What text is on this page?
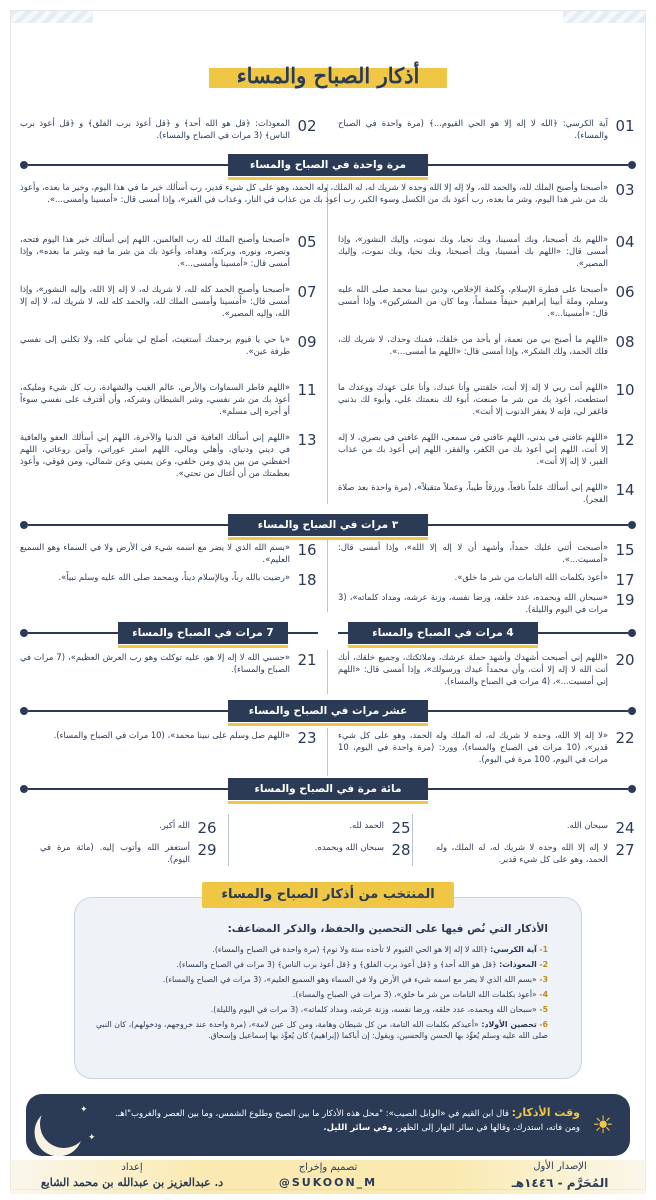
أذكار الصباح والمساء
01
آية الكرسي: ﴿الله لا إله إلا هو الحي القيوم...﴾ (مرة واحدة في الصباح والمساء).
02
المعوذات: ﴿قل هو الله أحد﴾ و ﴿قل أعوذ برب الفلق﴾ و ﴿قل أعوذ برب الناس﴾ (3 مرات في الصباح والمساء).
مرة واحدة في الصباح والمساء
03
«أصبحنا وأصبح الملك لله، والحمد لله، ولا إله إلا الله وحده لا شريك له، له الملك، وله الحمد، وهو على كل شيء قدير، رب أسألك خير ما في هذا اليوم، وخير ما بعده، وأعوذ بك من شر هذا اليوم، وشر ما بعده، رب أعوذ بك من الكسل وسوء الكبر، رب أعوذ بك من عذاب في النار، وعذاب في القبر»، وإذا أمسى قال: «أمسينا وأمسى...».
04
«اللهم بك أصبحنا، وبك أمسينا، وبك نحيا، وبك نموت، وإليك النشور»، وإذا أمسى قال: «اللهم بك أمسينا، وبك أصبحنا، وبك نحيا، وبك نموت، وإليك المصير».
05
«أصبحنا وأصبح الملك لله رب العالمين، اللهم إني أسألك خير هذا اليوم فتحه، ونصره، ونوره، وبركته، وهداه، وأعوذ بك من شر ما فيه وشر ما بعده»، وإذا أمسى قال: «أمسينا وأمسى...».
06
«أصبحنا على فطرة الإسلام، وكلمة الإخلاص، ودين نبينا محمد صلى الله عليه وسلم، وملة أبينا إبراهيم حنيفاً مسلماً، وما كان من المشركين»، وإذا أمسى قال: «أمسينا...».
07
«أصبحنا وأصبح الحمد كله لله، لا شريك له، لا إله إلا الله، وإليه النشور»، وإذا أمسى قال: «أمسينا وأمسى الملك لله، والحمد كله لله، لا شريك له، لا إله إلا الله، وإليه المصير».
08
«اللهم ما أصبح بي من نعمة، أو بأحد من خلقك، فمنك وحدك، لا شريك لك، فلك الحمد، ولك الشكر»، وإذا أمسى قال: «اللهم ما أمسى...».
09
«يا حي يا قيوم برحمتك أستغيث، أصلح لي شأني كله، ولا تكلني إلى نفسي طرفة عين».
10
«اللهم أنت ربي لا إله إلا أنت، خلقتني وأنا عبدك، وأنا على عهدك ووعدك ما استطعت، أعوذ بك من شر ما صنعت، أبوء لك بنعمتك علي، وأبوء لك بذنبي فاغفر لي، فإنه لا يغفر الذنوب إلا أنت».
11
«اللهم فاطر السماوات والأرض، عالم الغيب والشهادة، رب كل شيء ومليكه، أعوذ بك من شر نفسي، وشر الشيطان وشركه، وأن أقترف على نفسي سوءاً أو أجره إلى مسلم».
12
«اللهم عافني في بدني، اللهم عافني في سمعي، اللهم عافني في بصري، لا إله إلا أنت، اللهم إني أعوذ بك من الكفر، والفقر، اللهم إني أعوذ بك من عذاب القبر، لا إله إلا أنت».
13
«اللهم إني أسألك العافية في الدنيا والآخرة، اللهم إني أسألك العفو والعافية في ديني ودنياي، وأهلي ومالي، اللهم استر عوراتي، وآمن روعاتي، اللهم احفظني من بين يدي ومن خلفي، وعن يميني وعن شمالي، ومن فوقي، وأعوذ بعظمتك من أن أغتال من تحتي».
14
«اللهم إني أسألك علماً نافعاً، ورزقاً طيباً، وعملاً متقبلاً»، (مرة واحدة بعد صلاة الفجر).
٣ مرات في الصباح والمساء
15
«أصبحت أثني عليك حمداً، وأشهد أن لا إله إلا الله»، وإذا أمسى قال: «أمسيت...».
16
«بسم الله الذي لا يضر مع اسمه شيء في الأرض ولا في السماء وهو السميع العليم».
17
«أعوذ بكلمات الله التامات من شر ما خلق».
18
«رضيت بالله رباً، وبالإسلام ديناً، وبمحمد صلى الله عليه وسلم نبياً».
19
«سبحان الله وبحمده، عدد خلقه، ورضا نفسه، وزنة عرشه، ومداد كلماته»، (3 مرات في اليوم والليلة).
4 مرات في الصباح والمساء
7 مرات في الصباح والمساء
20
«اللهم إني أصبحت أشهدك وأشهد حملة عرشك، وملائكتك، وجميع خلقك، أنك أنت الله لا إله إلا أنت، وأن محمداً عبدك ورسولك»، وإذا أمسى قال: «اللهم إني أمسيت...»، (4 مرات في الصباح والمساء).
21
«حسبي الله لا إله إلا هو، عليه توكلت وهو رب العرش العظيم»، (7 مرات في الصباح والمساء).
عشر مرات في الصباح والمساء
22
«لا إله إلا الله، وحده لا شريك له، له الملك وله الحمد، وهو على كل شيء قدير»، (10 مرات في الصباح والمساء)، وورد: (مرة واحدة في اليوم، 10 مرات في اليوم، 100 مرة في اليوم).
23
«اللهم صل وسلم على نبينا محمد»، (10 مرات في الصباح والمساء).
مائة مرة في الصباح والمساء
24
سبحان الله.
25
الحمد لله.
26
الله أكبر.
27
لا إله إلا الله وحده لا شريك له، له الملك، وله الحمد، وهو على كل شيء قدير.
28
سبحان الله وبحمده.
29
أستغفر الله وأتوب إليه. (مائة مرة في اليوم).
المنتخب من أذكار الصباح والمساء
الأذكار التي نُص فيها على التحصين والحفظ، والذكر المضاعف:
1- آية الكرسي: ﴿الله لا إله إلا هو الحي القيوم لا تأخذه سنة ولا نوم﴾ (مرة واحدة في الصباح والمساء).
2- المعوذات: ﴿قل هو الله أحد﴾ و ﴿قل أعوذ برب الفلق﴾ و ﴿قل أعوذ برب الناس﴾ (3 مرات في الصباح والمساء).
3- «بسم الله الذي لا يضر مع اسمه شيء في الأرض ولا في السماء وهو السميع العليم»، (3 مرات في الصباح والمساء).
4- «أعوذ بكلمات الله التامات من شر ما خلق»، (3 مرات في الصباح والمساء).
5- «سبحان الله وبحمده، عدد خلقه، ورضا نفسه، وزنة عرشه، ومداد كلماته»، (3 مرات في اليوم والليلة).
6- تحصين الأولاد: «أعيذكم بكلمات الله التامة، من كل شيطان وهامة، ومن كل عين لامة»، (مرة واحدة عند خروجهم، ودخولهم)، كان النبي صلى الله عليه وسلم يُعوِّذ بها الحسن والحسين، ويقول: إن أباكما (إبراهيم) كان يُعوِّذ بها إسماعيل وإسحاق.
☀
وقت الأذكار: قال ابن القيم في «الوابل الصيب»: "محل هذه الأذكار ما بين الصبح وطلوع الشمس، وما بين العصر والغروب"اهـ. ومن فاته، استدرك، وقالها في سائر النهار إلى الظهر، وفي سائر الليل.
✦
✦
الإصدار الأول
المُحَرَّم - ١٤٤٦هـ
تصميم وإخراج
@SUKOON_M
إعداد
د. عبدالعزيز بن عبدالله بن محمد الشايع
